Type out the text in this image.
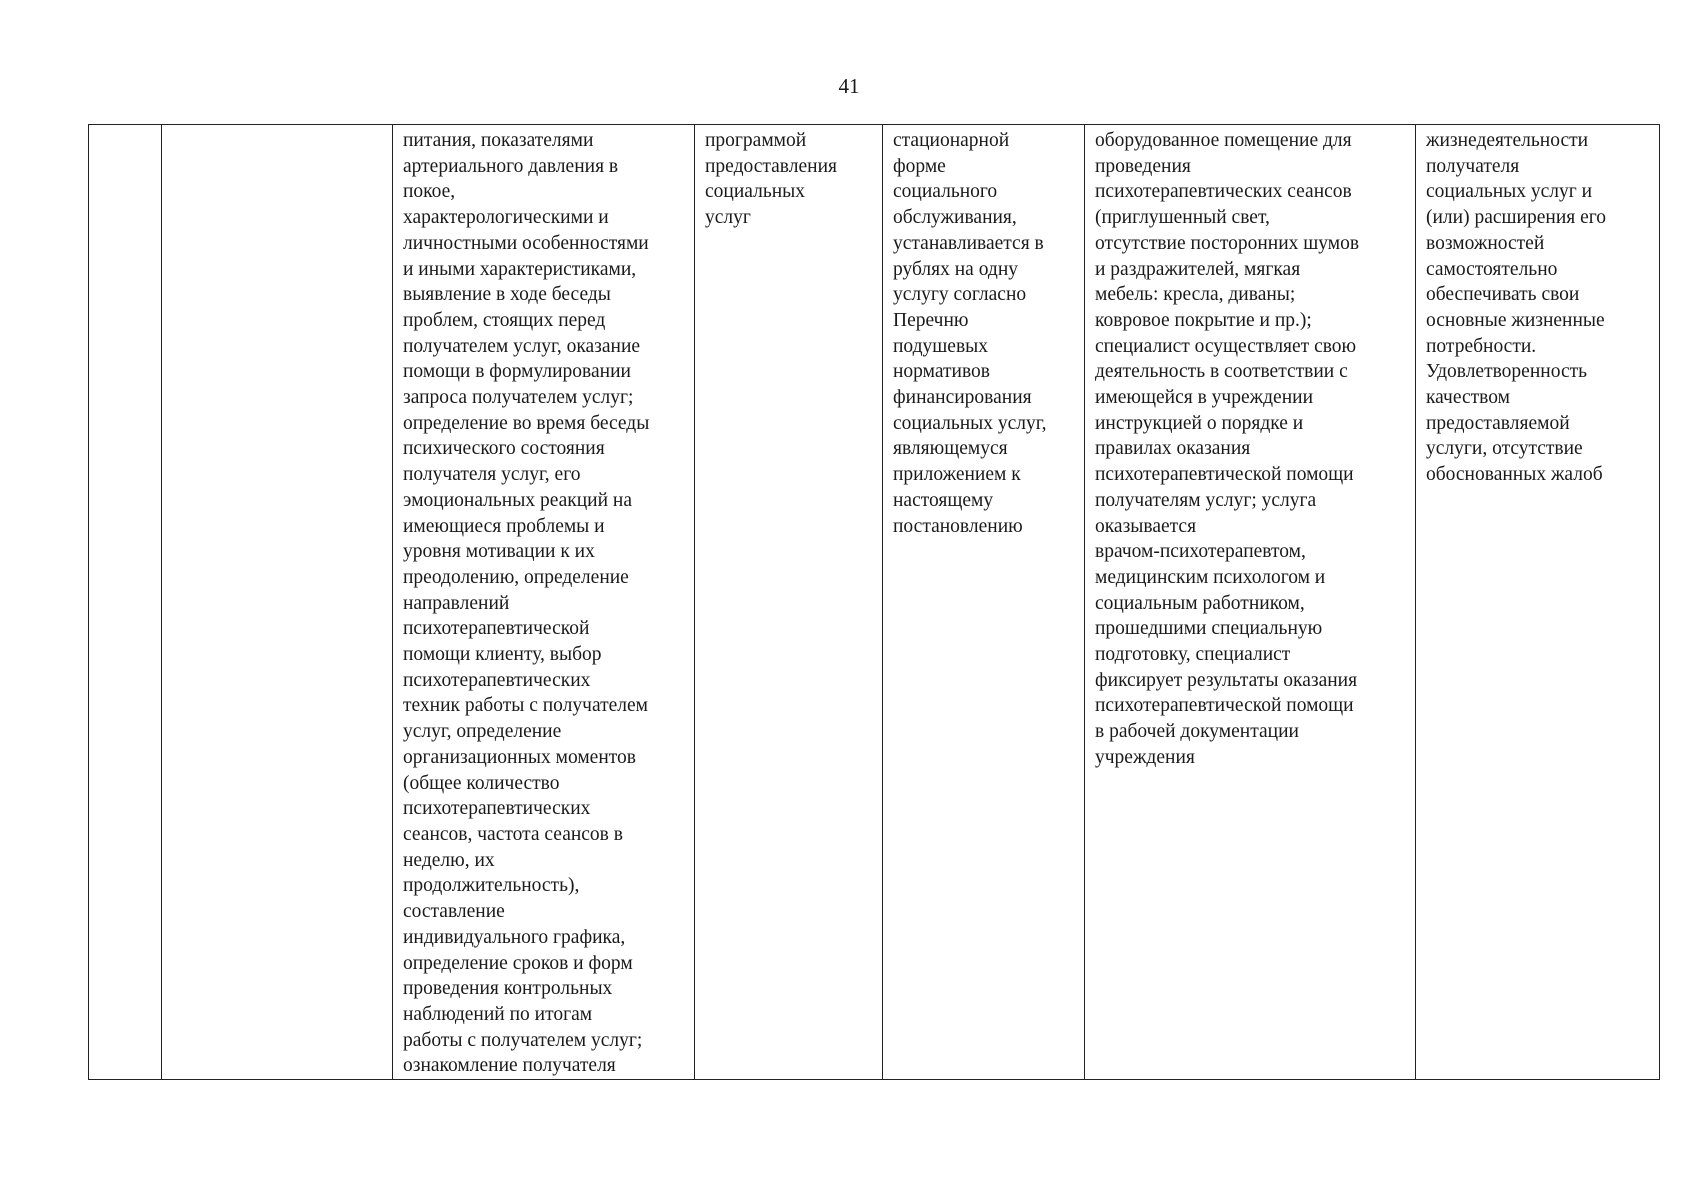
41

питания, показателями
артериального давления в
покое,
характерологическими и
личностными особенностями
и иными характеристиками,
выявление в ходе беседы
проблем, стоящих перед
получателем услуг, оказание
помощи в формулировании
запроса получателем услуг;
определение во время беседы
психического состояния
получателя услуг, его
эмоциональных реакций на
имеющиеся проблемы и
уровня мотивации к их
преодолению, определение
направлений
психотерапевтической
помощи клиенту, выбор
психотерапевтических
техник работы с получателем
услуг, определение
организационных моментов
(общее количество
психотерапевтических
сеансов, частота сеансов в
неделю, их
продолжительность),
составление
индивидуального графика,
определение сроков и форм
проведения контрольных
наблюдений по итогам
работы с получателем услуг;
ознакомление получателя

программой
предоставления
социальных
услуг

стационарной
форме
социального
обслуживания,
устанавливается в
рублях на одну
услугу согласно
Перечню
подушевых
нормативов
финансирования
социальных услуг,
являющемуся
приложением к
настоящему
постановлению

оборудованное помещение для
проведения
психотерапевтических сеансов
(приглушенный свет,
отсутствие посторонних шумов
и раздражителей, мягкая
мебель: кресла, диваны;
ковровое покрытие и пр.);
специалист осуществляет свою
деятельность в соответствии с
имеющейся в учреждении
инструкцией о порядке и
правилах оказания
психотерапевтической помощи
получателям услуг; услуга
оказывается
врачом-психотерапевтом,
медицинским психологом и
социальным работником,
прошедшими специальную
подготовку, специалист
фиксирует результаты оказания
психотерапевтической помощи
в рабочей документации
учреждения

жизнедеятельности
получателя
социальных услуг и
(или) расширения его
возможностей
самостоятельно
обеспечивать свои
основные жизненные
потребности.
Удовлетворенность
качеством
предоставляемой
услуги, отсутствие
обоснованных жалоб
